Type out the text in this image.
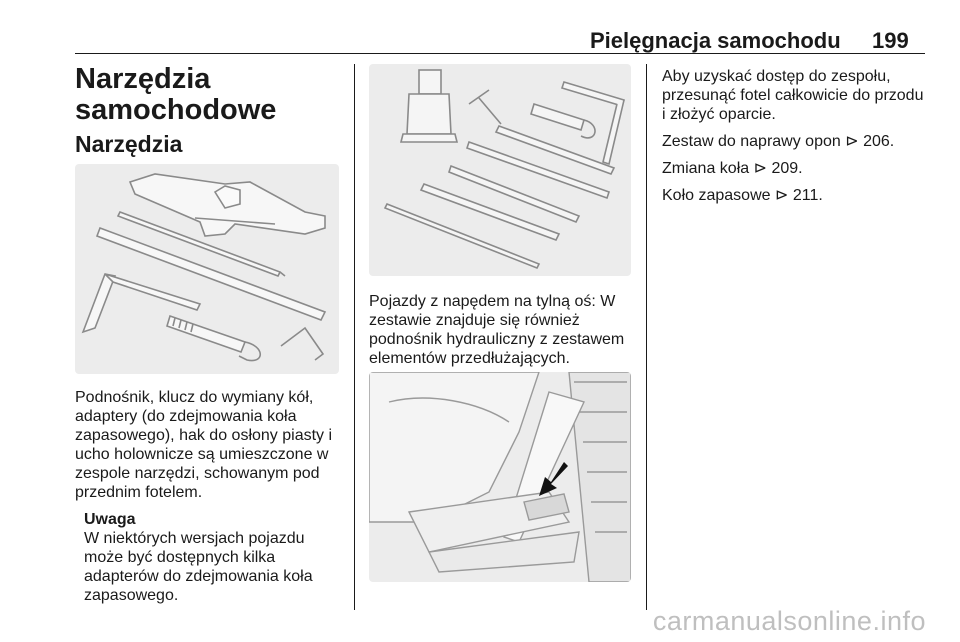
Pielęgnacja samochodu 199
Narzędzia samochodowe
Narzędzia

Podnośnik, klucz do wymiany kół, adaptery (do zdejmowania koła zapasowego), hak do osłony piasty i ucho holownicze są umieszczone w zespole narzędzi, schowanym pod przednim fotelem.

Uwaga
W niektórych wersjach pojazdu może być dostępnych kilka adapterów do zdejmowania koła zapasowego.

Pojazdy z napędem na tylną oś: W zestawie znajduje się również podnośnik hydrauliczny z zestawem elementów przedłużających.

Aby uzyskać dostęp do zespołu, przesunąć fotel całkowicie do przodu i złożyć oparcie.

Zestaw do naprawy opon ⊳ 206.

Zmiana koła ⊳ 209.

Koło zapasowe ⊳ 211.

carmanualsonline.info
